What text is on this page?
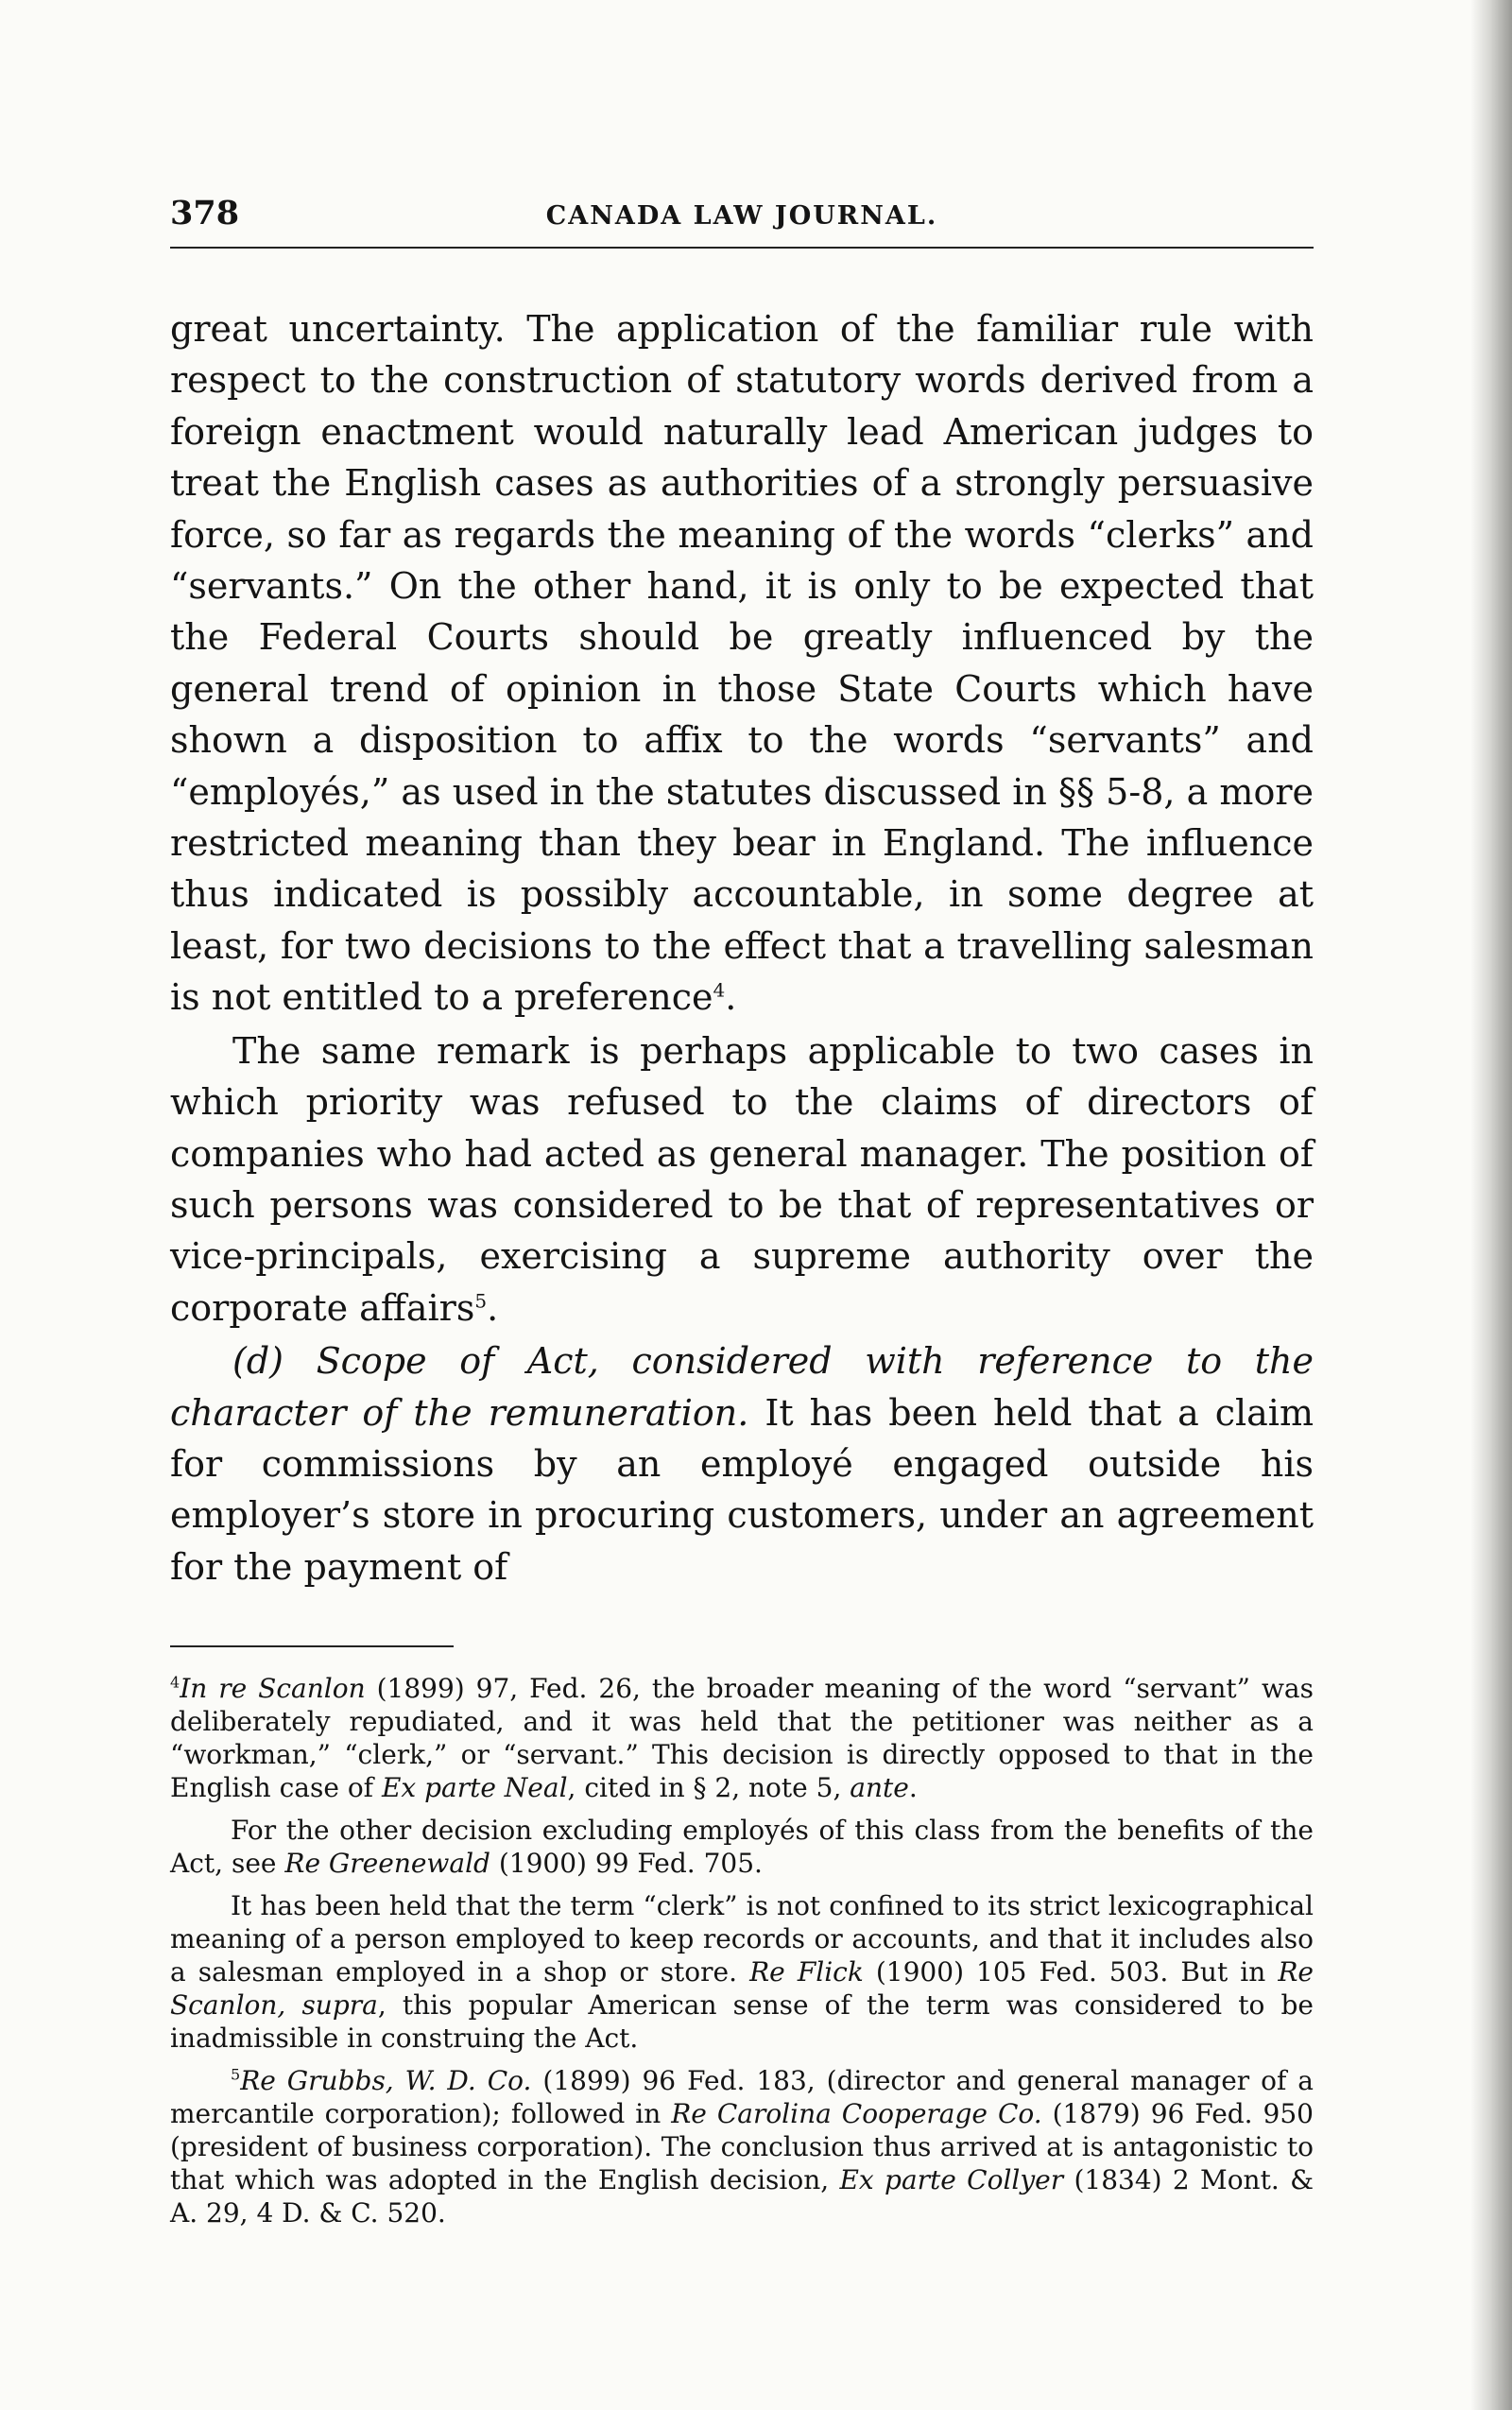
378	CANADA LAW JOURNAL.

great uncertainty. The application of the familiar rule with respect to the construction of statutory words derived from a foreign enactment would naturally lead American judges to treat the English cases as authorities of a strongly persuasive force, so far as regards the meaning of the words “clerks” and “servants.” On the other hand, it is only to be expected that the Federal Courts should be greatly influenced by the general trend of opinion in those State Courts which have shown a disposition to affix to the words “servants” and “employés,” as used in the statutes discussed in §§ 5-8, a more restricted meaning than they bear in England. The influence thus indicated is possibly accountable, in some degree at least, for two decisions to the effect that a travelling salesman is not entitled to a preference$^4$.

The same remark is perhaps applicable to two cases in which priority was refused to the claims of directors of companies who had acted as general manager. The position of such persons was considered to be that of representatives or vice-principals, exercising a supreme authority over the corporate affairs$^5$.

(d) Scope of Act, considered with reference to the character of the remuneration. It has been held that a claim for commissions by an employé engaged outside his employer’s store in procuring customers, under an agreement for the payment of

$^4$In re Scanlon (1899) 97, Fed. 26, the broader meaning of the word “servant” was deliberately repudiated, and it was held that the petitioner was neither as a “workman,” “clerk,” or “servant.” This decision is directly opposed to that in the English case of Ex parte Neal, cited in § 2, note 5, ante.

For the other decision excluding employés of this class from the benefits of the Act, see Re Greenewald (1900) 99 Fed. 705.

It has been held that the term “clerk” is not confined to its strict lexicographical meaning of a person employed to keep records or accounts, and that it includes also a salesman employed in a shop or store. Re Flick (1900) 105 Fed. 503. But in Re Scanlon, supra, this popular American sense of the term was considered to be inadmissible in construing the Act.

$^5$Re Grubbs, W. D. Co. (1899) 96 Fed. 183, (director and general manager of a mercantile corporation); followed in Re Carolina Cooperage Co. (1879) 96 Fed. 950 (president of business corporation). The conclusion thus arrived at is antagonistic to that which was adopted in the English decision, Ex parte Collyer (1834) 2 Mont. & A. 29, 4 D. & C. 520.
